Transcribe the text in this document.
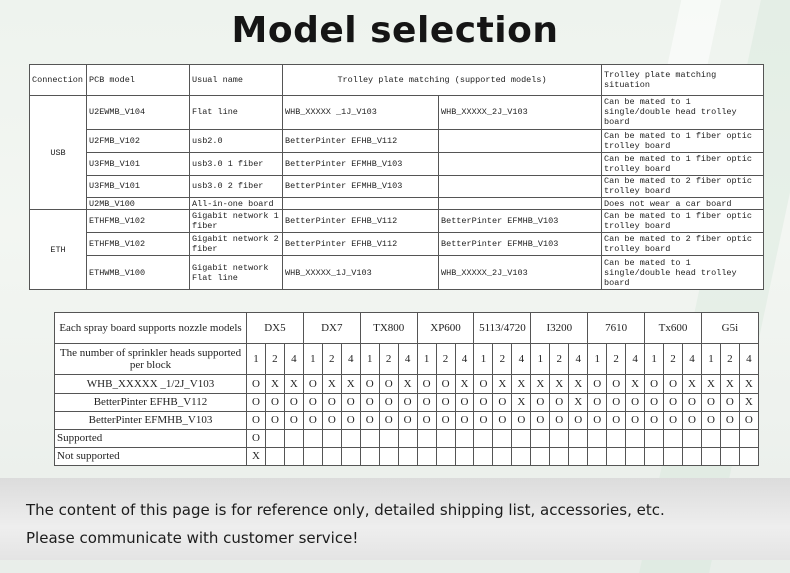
Model selection
Connection	PCB model	Usual name	Trolley plate matching (supported models)		Trolley plate matching situation
USB	U2EWMB_V104	Flat line	WHB_XXXXX _1J_V103	WHB_XXXXX_2J_V103	Can be mated to 1 single/double head trolley board
	U2FMB_V102	usb2.0	BetterPinter EFHB_V112		Can be mated to 1 fiber optic trolley board
	U3FMB_V101	usb3.0 1 fiber	BetterPinter EFMHB_V103		Can be mated to 1 fiber optic trolley board
	U3FMB_V101	usb3.0 2 fiber	BetterPinter EFMHB_V103		Can be mated to 2 fiber optic trolley board
	U2MB_V100	All-in-one board			Does not wear a car board
ETH	ETHFMB_V102	Gigabit network 1 fiber	BetterPinter EFHB_V112	BetterPinter EFMHB_V103	Can be mated to 1 fiber optic trolley board
	ETHFMB_V102	Gigabit network 2 fiber	BetterPinter EFHB_V112	BetterPinter EFMHB_V103	Can be mated to 2 fiber optic trolley board
	ETHWMB_V100	Gigabit network Flat line	WHB_XXXXX_1J_V103	WHB_XXXXX_2J_V103	Can be mated to 1 single/double head trolley board
Each spray board supports nozzle models	DX5			DX7			TX800			XP600			5113/4720			I3200			7610			Tx600			G5i		
The number of sprinkler heads supported per block	1	2	4	1	2	4	1	2	4	1	2	4	1	2	4	1	2	4	1	2	4	1	2	4	1	2	4
WHB_XXXXX _1/2J_V103	O	X	X	O	X	X	O	O	X	O	O	X	O	X	X	X	X	X	O	O	X	O	O	X	X	X	X
BetterPinter EFHB_V112	O	O	O	O	O	O	O	O	O	O	O	O	O	O	X	O	O	X	O	O	O	O	O	O	O	O	X
BetterPinter EFMHB_V103	O	O	O	O	O	O	O	O	O	O	O	O	O	O	O	O	O	O	O	O	O	O	O	O	O	O	O
Supported	O																										
Not supported	X																										
The content of this page is for reference only, detailed shipping list, accessories, etc.
Please communicate with customer service!
